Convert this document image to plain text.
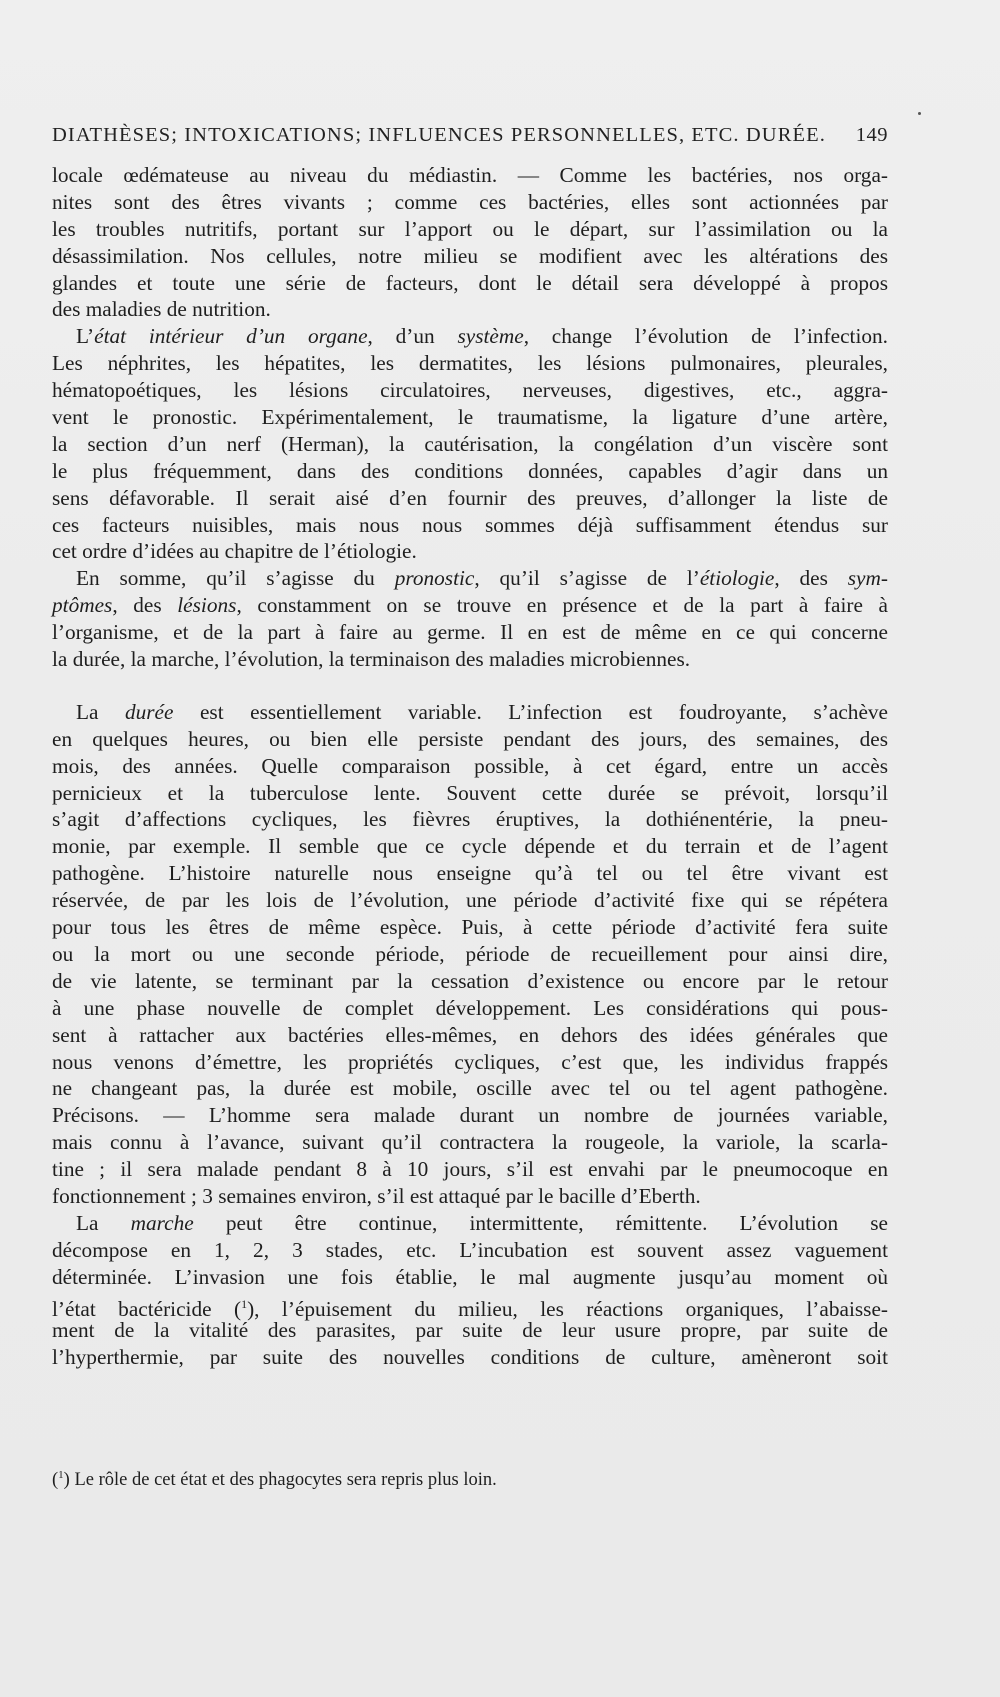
DIATHÈSES; INTOXICATIONS; INFLUENCES PERSONNELLES, ETC. DURÉE. 149
locale œdémateuse au niveau du médiastin. — Comme les bactéries, nos orga-
nites sont des êtres vivants ; comme ces bactéries, elles sont actionnées par
les troubles nutritifs, portant sur l’apport ou le départ, sur l’assimilation ou la
désassimilation. Nos cellules, notre milieu se modifient avec les altérations des
glandes et toute une série de facteurs, dont le détail sera développé à propos
des maladies de nutrition.
L’état intérieur d’un organe, d’un système, change l’évolution de l’infection.
Les néphrites, les hépatites, les dermatites, les lésions pulmonaires, pleurales,
hématopoétiques, les lésions circulatoires, nerveuses, digestives, etc., aggra-
vent le pronostic. Expérimentalement, le traumatisme, la ligature d’une artère,
la section d’un nerf (Herman), la cautérisation, la congélation d’un viscère sont
le plus fréquemment, dans des conditions données, capables d’agir dans un
sens défavorable. Il serait aisé d’en fournir des preuves, d’allonger la liste de
ces facteurs nuisibles, mais nous nous sommes déjà suffisamment étendus sur
cet ordre d’idées au chapitre de l’étiologie.
En somme, qu’il s’agisse du pronostic, qu’il s’agisse de l’étiologie, des sym-
ptômes, des lésions, constamment on se trouve en présence et de la part à faire à
l’organisme, et de la part à faire au germe. Il en est de même en ce qui concerne
la durée, la marche, l’évolution, la terminaison des maladies microbiennes.
La durée est essentiellement variable. L’infection est foudroyante, s’achève
en quelques heures, ou bien elle persiste pendant des jours, des semaines, des
mois, des années. Quelle comparaison possible, à cet égard, entre un accès
pernicieux et la tuberculose lente. Souvent cette durée se prévoit, lorsqu’il
s’agit d’affections cycliques, les fièvres éruptives, la dothiénentérie, la pneu-
monie, par exemple. Il semble que ce cycle dépende et du terrain et de l’agent
pathogène. L’histoire naturelle nous enseigne qu’à tel ou tel être vivant est
réservée, de par les lois de l’évolution, une période d’activité fixe qui se répétera
pour tous les êtres de même espèce. Puis, à cette période d’activité fera suite
ou la mort ou une seconde période, période de recueillement pour ainsi dire,
de vie latente, se terminant par la cessation d’existence ou encore par le retour
à une phase nouvelle de complet développement. Les considérations qui pous-
sent à rattacher aux bactéries elles-mêmes, en dehors des idées générales que
nous venons d’émettre, les propriétés cycliques, c’est que, les individus frappés
ne changeant pas, la durée est mobile, oscille avec tel ou tel agent pathogène.
Précisons. — L’homme sera malade durant un nombre de journées variable,
mais connu à l’avance, suivant qu’il contractera la rougeole, la variole, la scarla-
tine ; il sera malade pendant 8 à 10 jours, s’il est envahi par le pneumocoque en
fonctionnement ; 3 semaines environ, s’il est attaqué par le bacille d’Eberth.
La marche peut être continue, intermittente, rémittente. L’évolution se
décompose en 1, 2, 3 stades, etc. L’incubation est souvent assez vaguement
déterminée. L’invasion une fois établie, le mal augmente jusqu’au moment où
l’état bactéricide ($^1$), l’épuisement du milieu, les réactions organiques, l’abaisse-
ment de la vitalité des parasites, par suite de leur usure propre, par suite de
l’hyperthermie, par suite des nouvelles conditions de culture, amèneront soit
($^1$) Le rôle de cet état et des phagocytes sera repris plus loin.
